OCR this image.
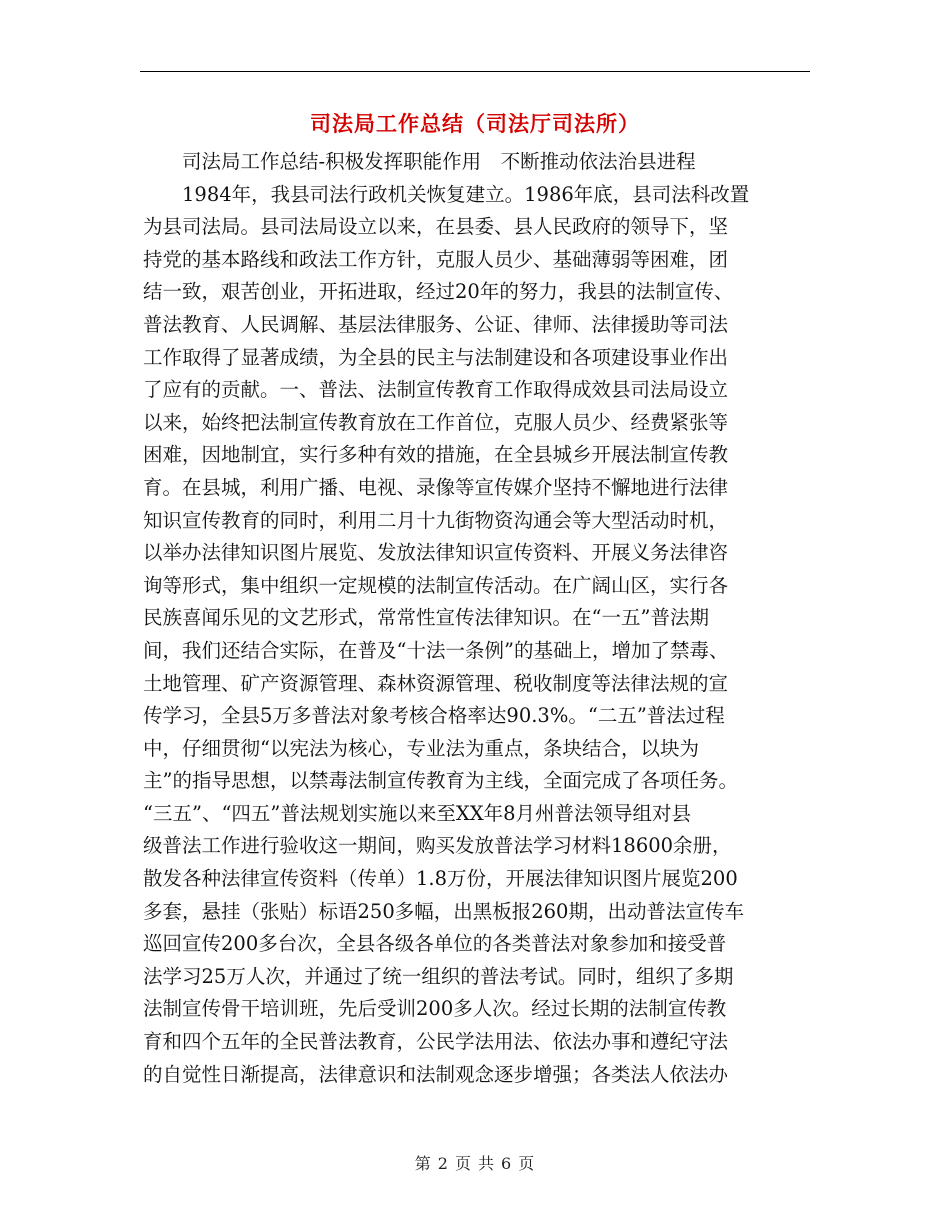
司法局工作总结（司法厅司法所）
　　司法局工作总结-积极发挥职能作用　不断推动依法治县进程
　　1984年，我县司法行政机关恢复建立。1986年底，县司法科改置
为县司法局。县司法局设立以来，在县委、县人民政府的领导下，坚
持党的基本路线和政法工作方针，克服人员少、基础薄弱等困难，团
结一致，艰苦创业，开拓进取，经过20年的努力，我县的法制宣传、
普法教育、人民调解、基层法律服务、公证、律师、法律援助等司法
工作取得了显著成绩，为全县的民主与法制建设和各项建设事业作出
了应有的贡献。一、普法、法制宣传教育工作取得成效县司法局设立
以来，始终把法制宣传教育放在工作首位，克服人员少、经费紧张等
困难，因地制宜，实行多种有效的措施，在全县城乡开展法制宣传教
育。在县城，利用广播、电视、录像等宣传媒介坚持不懈地进行法律
知识宣传教育的同时，利用二月十九街物资沟通会等大型活动时机，
以举办法律知识图片展览、发放法律知识宣传资料、开展义务法律咨
询等形式，集中组织一定规模的法制宣传活动。在广阔山区，实行各
民族喜闻乐见的文艺形式，常常性宣传法律知识。在“一五”普法期
间，我们还结合实际，在普及“十法一条例”的基础上，增加了禁毒、
土地管理、矿产资源管理、森林资源管理、税收制度等法律法规的宣
传学习，全县5万多普法对象考核合格率达90.3%。“二五”普法过程
中，仔细贯彻“以宪法为核心，专业法为重点，条块结合，以块为
主”的指导思想，以禁毒法制宣传教育为主线，全面完成了各项任务。
“三五”、“四五”普法规划实施以来至XX年8月州普法领导组对县
级普法工作进行验收这一期间，购买发放普法学习材料18600余册，
散发各种法律宣传资料（传单）1.8万份，开展法律知识图片展览200
多套，悬挂（张贴）标语250多幅，出黑板报260期，出动普法宣传车
巡回宣传200多台次，全县各级各单位的各类普法对象参加和接受普
法学习25万人次，并通过了统一组织的普法考试。同时，组织了多期
法制宣传骨干培训班，先后受训200多人次。经过长期的法制宣传教
育和四个五年的全民普法教育，公民学法用法、依法办事和遵纪守法
的自觉性日渐提高，法律意识和法制观念逐步增强；各类法人依法办
第 2 页 共 6 页
